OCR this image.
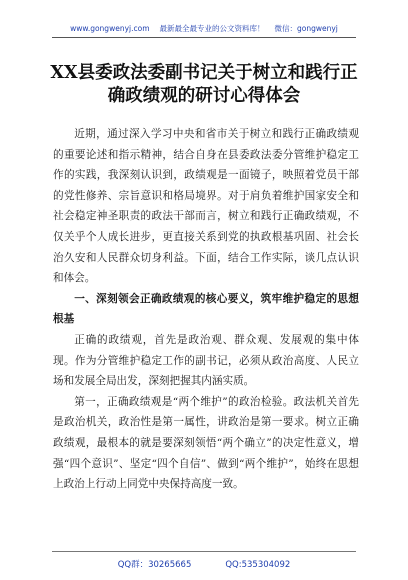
www.gongwenyj.com 最新最全最专业的公文资料库！ 微信：gongwenyj
XX县委政法委副书记关于树立和践行正确政绩观的研讨心得体会

近期，通过深入学习中央和省市关于树立和践行正确政绩观的重要论述和指示精神，结合自身在县委政法委分管维护稳定工作的实践，我深刻认识到，政绩观是一面镜子，映照着党员干部的党性修养、宗旨意识和格局境界。对于肩负着维护国家安全和社会稳定神圣职责的政法干部而言，树立和践行正确政绩观，不仅关乎个人成长进步，更直接关系到党的执政根基巩固、社会长治久安和人民群众切身利益。下面，结合工作实际，谈几点认识和体会。

一、深刻领会正确政绩观的核心要义，筑牢维护稳定的思想根基

正确的政绩观，首先是政治观、群众观、发展观的集中体现。作为分管维护稳定工作的副书记，必须从政治高度、人民立场和发展全局出发，深刻把握其内涵实质。

第一，正确政绩观是“两个维护”的政治检验。政法机关首先是政治机关，政治性是第一属性，讲政治是第一要求。树立正确政绩观，最根本的就是要深刻领悟“两个确立”的决定性意义，增强“四个意识”、坚定“四个自信”、做到“两个维护”，始终在思想上政治上行动上同党中央保持高度一致。

QQ群：30265665	QQ:535304092
